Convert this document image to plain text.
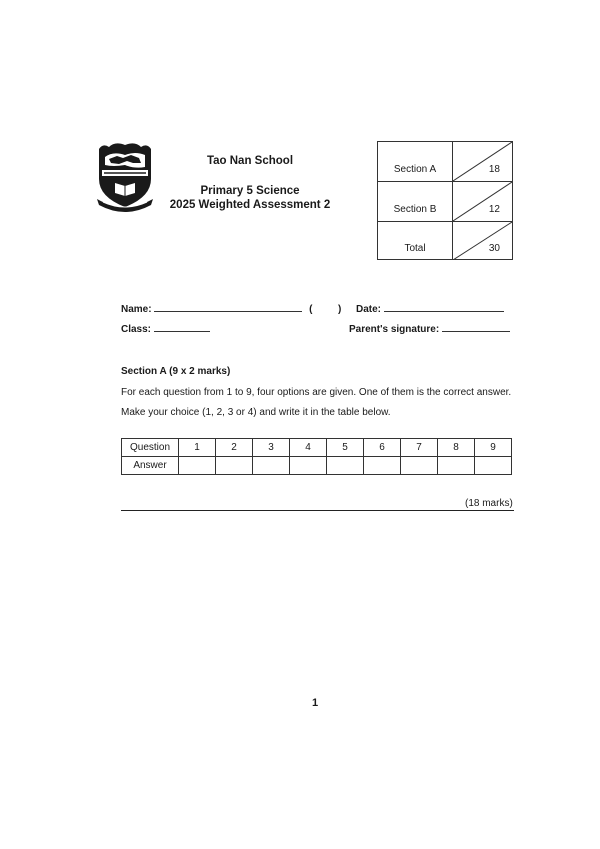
Tao Nan School
Primary 5 Science
2025 Weighted Assessment 2
Section A	18
Section B	12
Total	30
Name:	(	) Date:
Class:	Parent's signature:
Section A (9 x 2 marks)
For each question from 1 to 9, four options are given. One of them is the correct answer.
Make your choice (1, 2, 3 or 4) and write it in the table below.
Question	1	2	3	4	5	6	7	8	9
Answer									
(18 marks)
1
